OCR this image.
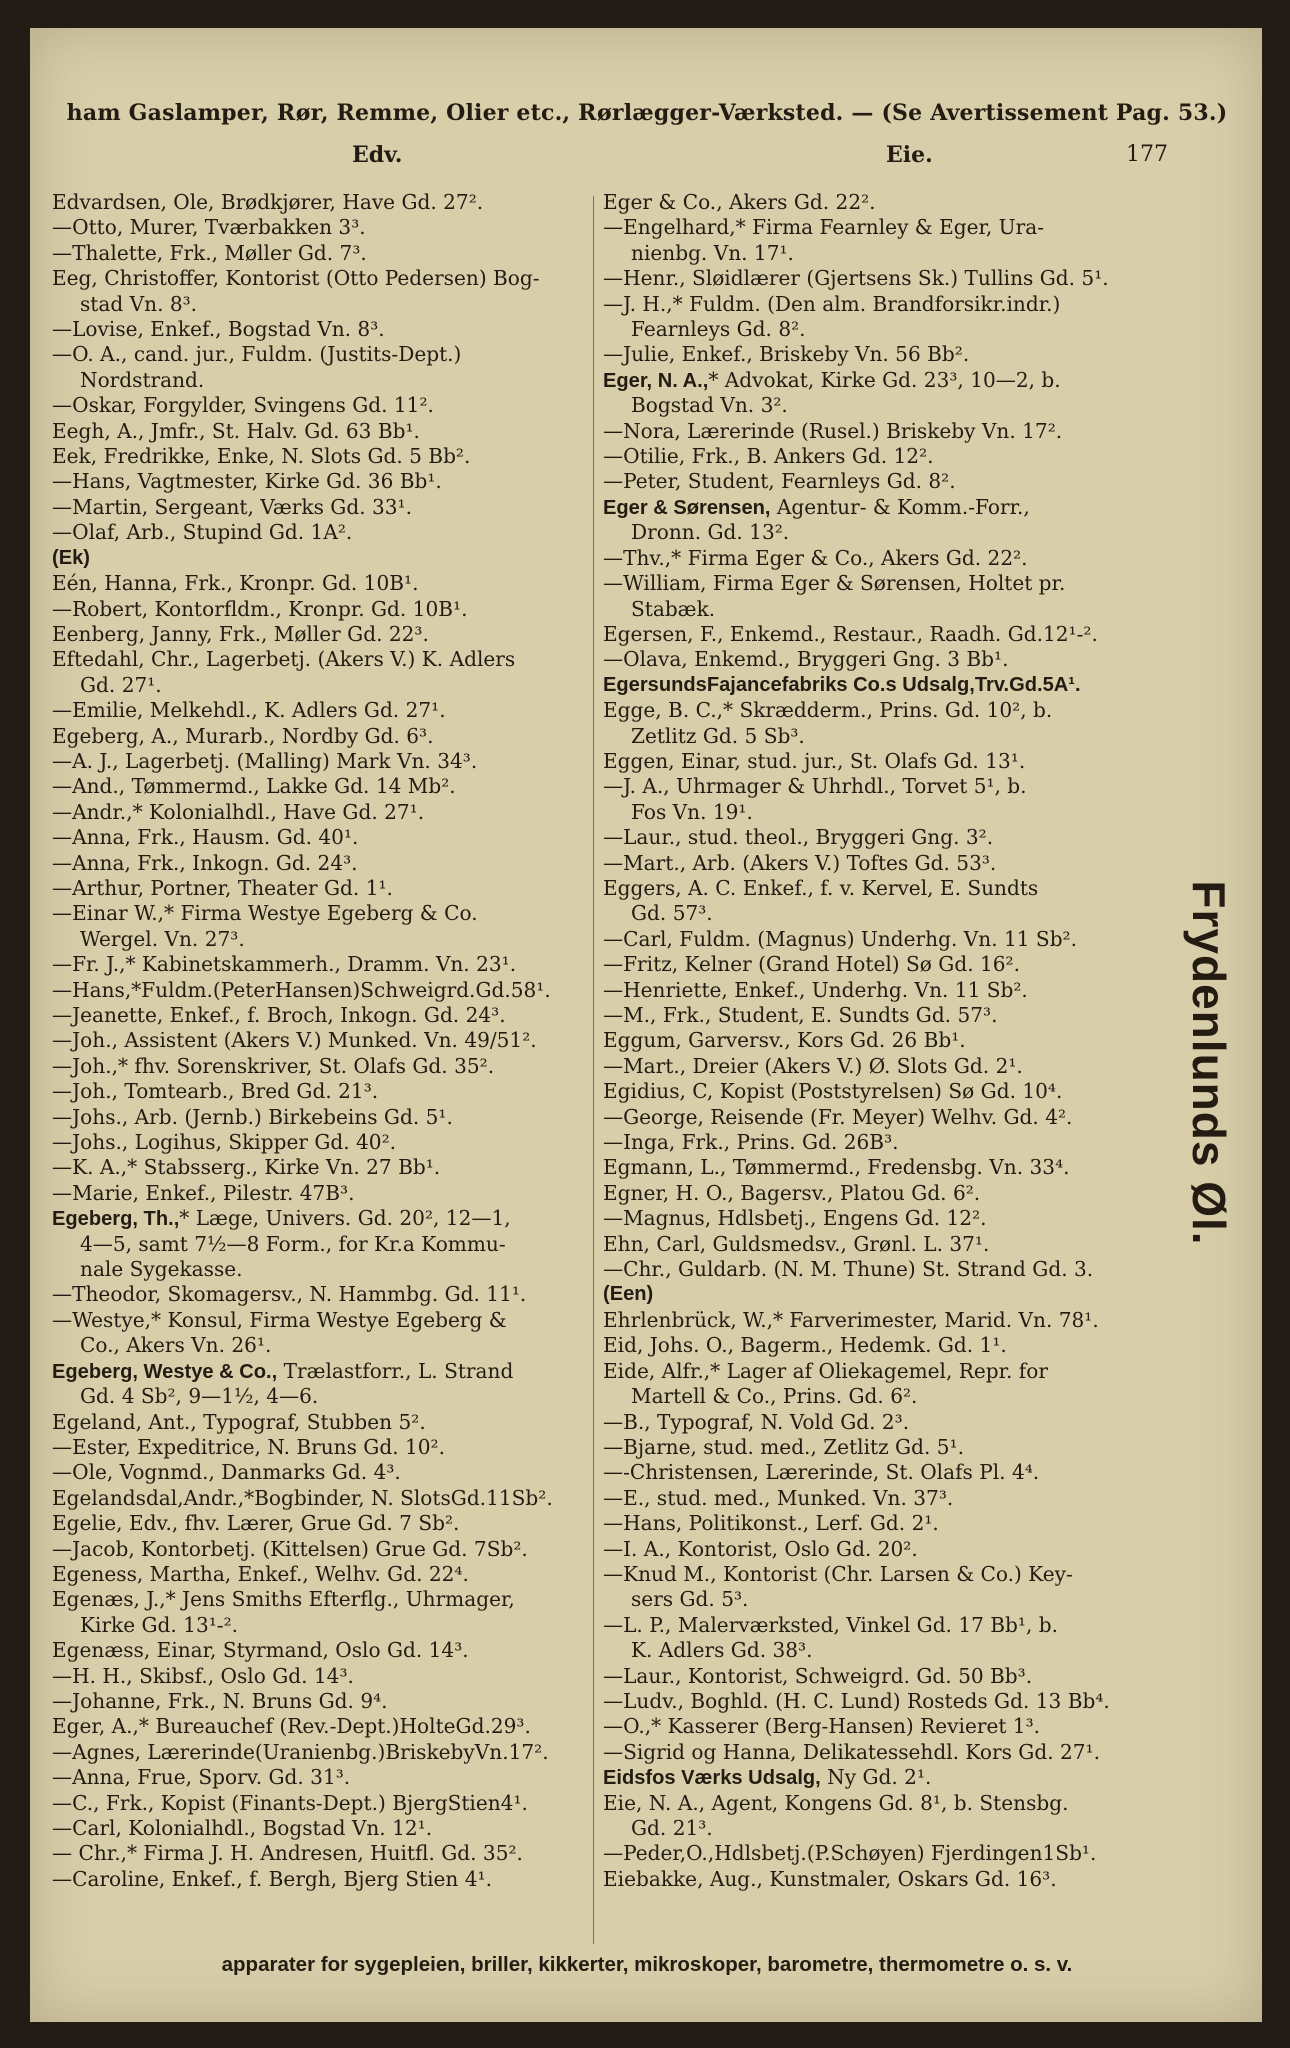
ham Gaslamper, Rør, Remme, Olier etc., Rørlægger-Værksted. — (Se Avertissement Pag. 53.)
Edv.	Eie.	177
Edvardsen, Ole, Brødkjører, Have Gd. 27².
—Otto, Murer, Tværbakken 3³.
—Thalette, Frk., Møller Gd. 7³.
Eeg, Christoffer, Kontorist (Otto Pedersen) Bog-
stad Vn. 8³.
—Lovise, Enkef., Bogstad Vn. 8³.
—O. A., cand. jur., Fuldm. (Justits-Dept.)
Nordstrand.
—Oskar, Forgylder, Svingens Gd. 11².
Eegh, A., Jmfr., St. Halv. Gd. 63 Bb¹.
Eek, Fredrikke, Enke, N. Slots Gd. 5 Bb².
—Hans, Vagtmester, Kirke Gd. 36 Bb¹.
—Martin, Sergeant, Værks Gd. 33¹.
—Olaf, Arb., Stupind Gd. 1A².
(Ek)
Eén, Hanna, Frk., Kronpr. Gd. 10B¹.
—Robert, Kontorfldm., Kronpr. Gd. 10B¹.
Eenberg, Janny, Frk., Møller Gd. 22³.
Eftedahl, Chr., Lagerbetj. (Akers V.) K. Adlers
Gd. 27¹.
—Emilie, Melkehdl., K. Adlers Gd. 27¹.
Egeberg, A., Murarb., Nordby Gd. 6³.
—A. J., Lagerbetj. (Malling) Mark Vn. 34³.
—And., Tømmermd., Lakke Gd. 14 Mb².
—Andr.,* Kolonialhdl., Have Gd. 27¹.
—Anna, Frk., Hausm. Gd. 40¹.
—Anna, Frk., Inkogn. Gd. 24³.
—Arthur, Portner, Theater Gd. 1¹.
—Einar W.,* Firma Westye Egeberg & Co.
Wergel. Vn. 27³.
—Fr. J.,* Kabinetskammerh., Dramm. Vn. 23¹.
—Hans,*Fuldm.(PeterHansen)Schweigrd.Gd.58¹.
—Jeanette, Enkef., f. Broch, Inkogn. Gd. 24³.
—Joh., Assistent (Akers V.) Munked. Vn. 49/51².
—Joh.,* fhv. Sorenskriver, St. Olafs Gd. 35².
—Joh., Tomtearb., Bred Gd. 21³.
—Johs., Arb. (Jernb.) Birkebeins Gd. 5¹.
—Johs., Logihus, Skipper Gd. 40².
—K. A.,* Stabsserg., Kirke Vn. 27 Bb¹.
—Marie, Enkef., Pilestr. 47B³.
Egeberg, Th.,* Læge, Univers. Gd. 20², 12—1,
4—5, samt 7½—8 Form., for Kr.a Kommu-
nale Sygekasse.
—Theodor, Skomagersv., N. Hammbg. Gd. 11¹.
—Westye,* Konsul, Firma Westye Egeberg &
Co., Akers Vn. 26¹.
Egeberg, Westye & Co., Trælastforr., L. Strand
Gd. 4 Sb², 9—1½, 4—6.
Egeland, Ant., Typograf, Stubben 5².
—Ester, Expeditrice, N. Bruns Gd. 10².
—Ole, Vognmd., Danmarks Gd. 4³.
Egelandsdal,Andr.,*Bogbinder, N. SlotsGd.11Sb².
Egelie, Edv., fhv. Lærer, Grue Gd. 7 Sb².
—Jacob, Kontorbetj. (Kittelsen) Grue Gd. 7Sb².
Egeness, Martha, Enkef., Welhv. Gd. 22⁴.
Egenæs, J.,* Jens Smiths Efterflg., Uhrmager,
Kirke Gd. 13¹-².
Egenæss, Einar, Styrmand, Oslo Gd. 14³.
—H. H., Skibsf., Oslo Gd. 14³.
—Johanne, Frk., N. Bruns Gd. 9⁴.
Eger, A.,* Bureauchef (Rev.-Dept.)HolteGd.29³.
—Agnes, Lærerinde(Uranienbg.)BriskebyVn.17².
—Anna, Frue, Sporv. Gd. 31³.
—C., Frk., Kopist (Finants-Dept.) BjergStien4¹.
—Carl, Kolonialhdl., Bogstad Vn. 12¹.
— Chr.,* Firma J. H. Andresen, Huitfl. Gd. 35².
—Caroline, Enkef., f. Bergh, Bjerg Stien 4¹.
Eger & Co., Akers Gd. 22².
—Engelhard,* Firma Fearnley & Eger, Ura-
nienbg. Vn. 17¹.
—Henr., Sløidlærer (Gjertsens Sk.) Tullins Gd. 5¹.
—J. H.,* Fuldm. (Den alm. Brandforsikr.indr.)
Fearnleys Gd. 8².
—Julie, Enkef., Briskeby Vn. 56 Bb².
Eger, N. A.,* Advokat, Kirke Gd. 23³, 10—2, b.
Bogstad Vn. 3².
—Nora, Lærerinde (Rusel.) Briskeby Vn. 17².
—Otilie, Frk., B. Ankers Gd. 12².
—Peter, Student, Fearnleys Gd. 8².
Eger & Sørensen, Agentur- & Komm.-Forr.,
Dronn. Gd. 13².
—Thv.,* Firma Eger & Co., Akers Gd. 22².
—William, Firma Eger & Sørensen, Holtet pr.
Stabæk.
Egersen, F., Enkemd., Restaur., Raadh. Gd.12¹-².
—Olava, Enkemd., Bryggeri Gng. 3 Bb¹.
EgersundsFajancefabriks Co.s Udsalg,Trv.Gd.5A¹.
Egge, B. C.,* Skrædderm., Prins. Gd. 10², b.
Zetlitz Gd. 5 Sb³.
Eggen, Einar, stud. jur., St. Olafs Gd. 13¹.
—J. A., Uhrmager & Uhrhdl., Torvet 5¹, b.
Fos Vn. 19¹.
—Laur., stud. theol., Bryggeri Gng. 3².
—Mart., Arb. (Akers V.) Toftes Gd. 53³.
Eggers, A. C. Enkef., f. v. Kervel, E. Sundts
Gd. 57³.
—Carl, Fuldm. (Magnus) Underhg. Vn. 11 Sb².
—Fritz, Kelner (Grand Hotel) Sø Gd. 16².
—Henriette, Enkef., Underhg. Vn. 11 Sb².
—M., Frk., Student, E. Sundts Gd. 57³.
Eggum, Garversv., Kors Gd. 26 Bb¹.
—Mart., Dreier (Akers V.) Ø. Slots Gd. 2¹.
Egidius, C, Kopist (Poststyrelsen) Sø Gd. 10⁴.
—George, Reisende (Fr. Meyer) Welhv. Gd. 4².
—Inga, Frk., Prins. Gd. 26B³.
Egmann, L., Tømmermd., Fredensbg. Vn. 33⁴.
Egner, H. O., Bagersv., Platou Gd. 6².
—Magnus, Hdlsbetj., Engens Gd. 12².
Ehn, Carl, Guldsmedsv., Grønl. L. 37¹.
—Chr., Guldarb. (N. M. Thune) St. Strand Gd. 3.
(Een)
Ehrlenbrück, W.,* Farverimester, Marid. Vn. 78¹.
Eid, Johs. O., Bagerm., Hedemk. Gd. 1¹.
Eide, Alfr.,* Lager af Oliekagemel, Repr. for
Martell & Co., Prins. Gd. 6².
—B., Typograf, N. Vold Gd. 2³.
—Bjarne, stud. med., Zetlitz Gd. 5¹.
—-Christensen, Lærerinde, St. Olafs Pl. 4⁴.
—E., stud. med., Munked. Vn. 37³.
—Hans, Politikonst., Lerf. Gd. 2¹.
—I. A., Kontorist, Oslo Gd. 20².
—Knud M., Kontorist (Chr. Larsen & Co.) Key-
sers Gd. 5³.
—L. P., Malerværksted, Vinkel Gd. 17 Bb¹, b.
K. Adlers Gd. 38³.
—Laur., Kontorist, Schweigrd. Gd. 50 Bb³.
—Ludv., Boghld. (H. C. Lund) Rosteds Gd. 13 Bb⁴.
—O.,* Kasserer (Berg-Hansen) Revieret 1³.
—Sigrid og Hanna, Delikatessehdl. Kors Gd. 27¹.
Eidsfos Værks Udsalg, Ny Gd. 2¹.
Eie, N. A., Agent, Kongens Gd. 8¹, b. Stensbg.
Gd. 21³.
—Peder,O.,Hdlsbetj.(P.Schøyen) Fjerdingen1Sb¹.
Eiebakke, Aug., Kunstmaler, Oskars Gd. 16³.
Frydenlunds Øl.
apparater for sygepleien, briller, kikkerter, mikroskoper, barometre, thermometre o. s. v.
